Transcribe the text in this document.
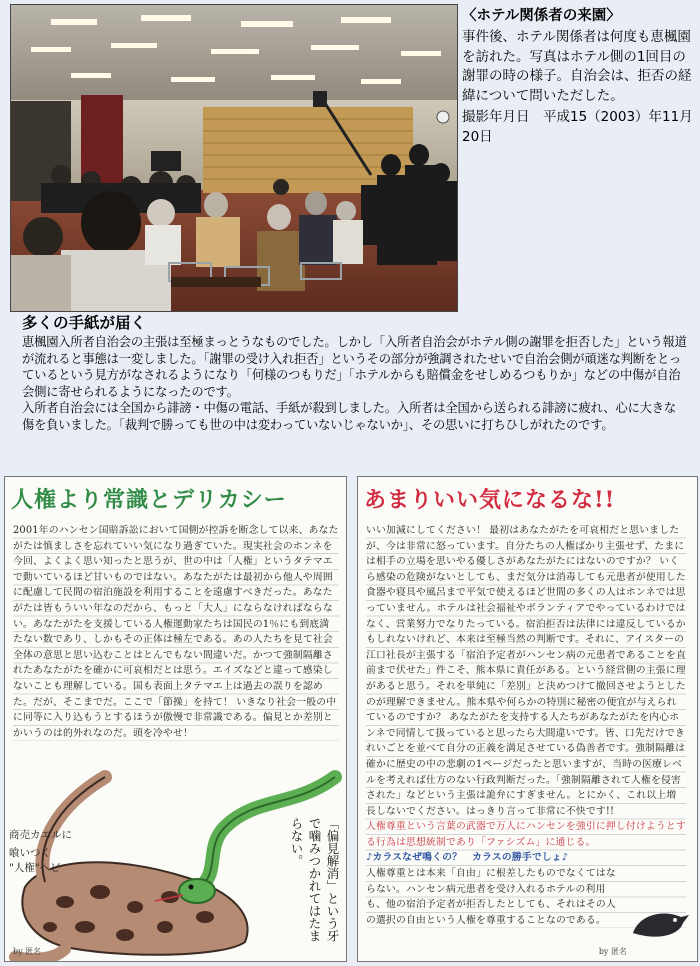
〈ホテル関係者の来園〉
事件後、ホテル関係者は何度も恵楓園を訪れた。写真はホテル側の1回目の謝罪の時の様子。自治会は、拒否の経緯について問いただした。
撮影年月日　 平成15（2003）年11月20日
多くの手紙が届く

恵楓園入所者自治会の主張は至極まっとうなものでした。しかし「入所者自治会がホテル側の謝罪を拒否した」という報道が流れると事態は一変しました。「謝罪の受け入れ拒否」というその部分が強調されたせいで自治会側が頑迷な判断をとっているという見方がなされるようになり「何様のつもりだ」「ホテルからも賠償金をせしめるつもりか」などの中傷が自治会側に寄せられるようになったのです。

入所者自治会には全国から誹謗・中傷の電話、手紙が殺到しました。入所者は全国から送られる誹謗に疲れ、心に大きな傷を負いました。「裁判で勝っても世の中は変わっていないじゃないか」、その思いに打ちひしがれたのです。

人権より常識とデリカシー
2001年のハンセン国賠訴訟において国側が控訴を断念して以来、あなたがたは慎ましさを忘れていい気になり過ぎていた。現実社会のホンネを今回、よくよく思い知ったと思うが、世の中は「人権」というタテマエで動いているほど甘いものではない。あなたがたは最初から他人や周囲に配慮して民間の宿泊施設を利用することを遠慮すべきだった。あなたがたは皆もういい年なのだから、もっと「大人」にならなければならない。あなたがたを支援している人権運動家たちは国民の1％にも到底満たない数であり、しかもその正体は極左である。あの人たちを見て社会全体の意思と思い込むことはとんでもない間違いだ。かつて強制隔離されたあなたがたを確かに可哀相だとは思う。エイズなどと違って感染しないことも理解している。国も表面上タテマエ上は過去の誤りを認めた。だが、そこまでだ。ここで「節操」を持て！ いきなり社会一般の中に同等に入り込もうとするほうが傲慢で非常識である。偏見とか差別とかいうのは的外れなのだ。頭を冷やせ！
商売カエルに
喰いつく
"人権"ヘビ	「偏見解消」という牙で噛みつかれてはたまらない。
by 匿名
あまりいい気になるな!!
いい加減にしてください！ 最初はあなたがたを可哀相だと思いましたが、今は非常に怒っています。自分たちの人権ばかり主張せず、たまには相手の立場を思いやる優しさがあなたがたにはないのですか？ いくら感染の危険がないとしても、まだ気分は消毒しても元患者が使用した食器や寝具や風呂まで平気で使えるほど世間の多くの人はホンネでは思っていません。ホテルは社会福祉やボランティアでやっているわけではなく、営業努力でなりたっている。宿泊拒否は法律には違反しているかもしれないけれど、本来は至極当然の判断です。それに、アイスターの江口社長が主張する「宿泊予定者がハンセン病の元患者であることを直前まで伏せた」件こそ、熊本県に責任がある。という経営側の主張に理があると思う。それを単純に「差別」と決めつけて撤回させようとしたのが理解できません。熊本県や何らかの特別に秘密の便宜が与えられているのですか？ あなたがたを支持する人たちがあなたがたを内心ホンネで同情して扱っていると思ったら大間違いです。皆、口先だけできれいごとを並べて自分の正義を満足させている偽善者です。強制隔離は確かに歴史の中の悲劇の1ページだったと思いますが、当時の医療レベルを考えれば仕方のない行政判断だった。「強制隔離されて人権を侵害された」などという主張は詭弁にすぎません。とにかく、これ以上増長しないでください。はっきり言って非常に不快です!!
人権尊重という言葉の武器で万人にハンセンを強引に押し付けようとする行為は思想統制であり「ファシズム」に通じる。
♪カラスなぜ鳴くの？　カラスの勝手でしょ♪
人権尊重とは本来「自由」に根差したものでなくてはならない。ハンセン病元患者を受け入れるホテルの利用も、他の宿泊予定者が拒否したとしても、それはその人の選択の自由という人権を尊重することなのである。
by 匿名
